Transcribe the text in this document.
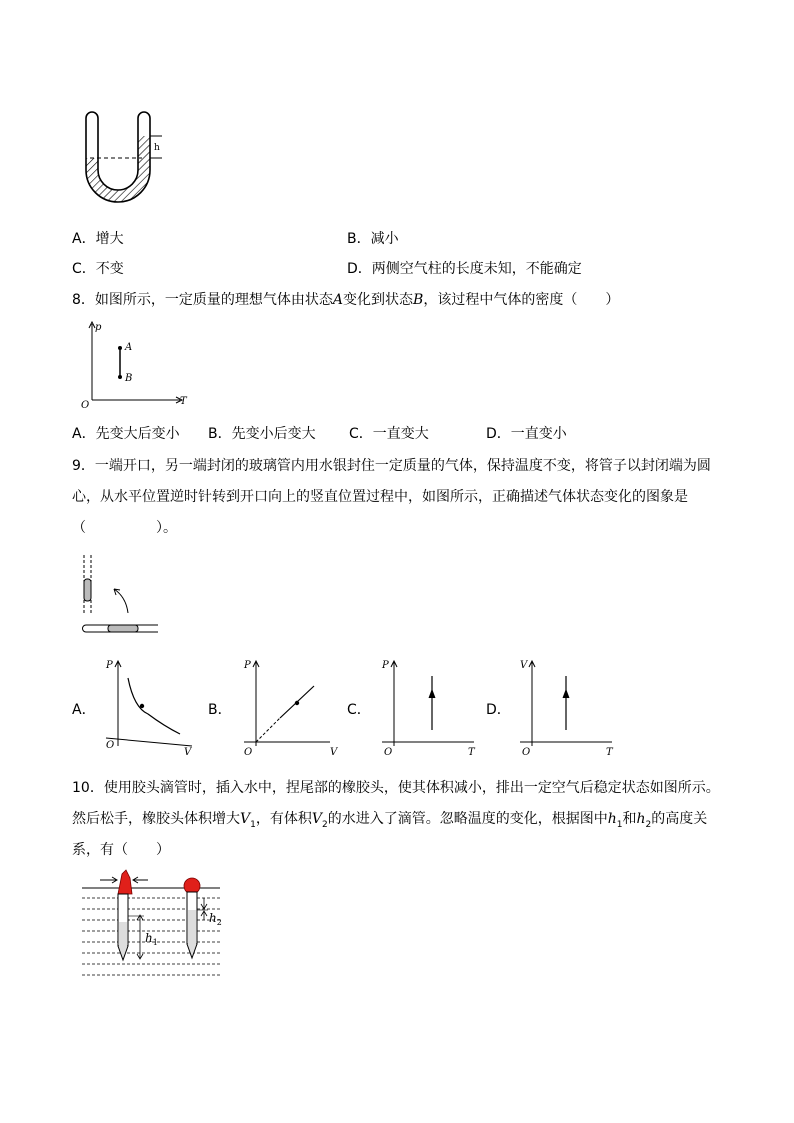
h
A．增大	B．减小
C．不变	D．两侧空气柱的长度未知，不能确定
8．如图所示，一定质量的理想气体由状态A变化到状态B，该过程中气体的密度（　　）
p
T
O
A
B
A．先变大后变小 B．先变小后变大 C．一直变大	D．一直变小
9．一端开口，另一端封闭的玻璃管内用水银封住一定质量的气体，保持温度不变，将管子以封闭端为圆
心，从水平位置逆时针转到开口向上的竖直位置过程中，如图所示，正确描述气体状态变化的图象是
（　　　　　）。
A．	B．	C．	D．
P
V
O
P
V
O
P
T
O
V
T
O
10．使用胶头滴管时，插入水中，捏尾部的橡胶头，使其体积减小，排出一定空气后稳定状态如图所示。
然后松手，橡胶头体积增大$V_1$，有体积$V_2$的水进入了滴管。忽略温度的变化，根据图中$h_1$和$h_2$的高度关
系，有（　　）
$h_1$
$h_2$
